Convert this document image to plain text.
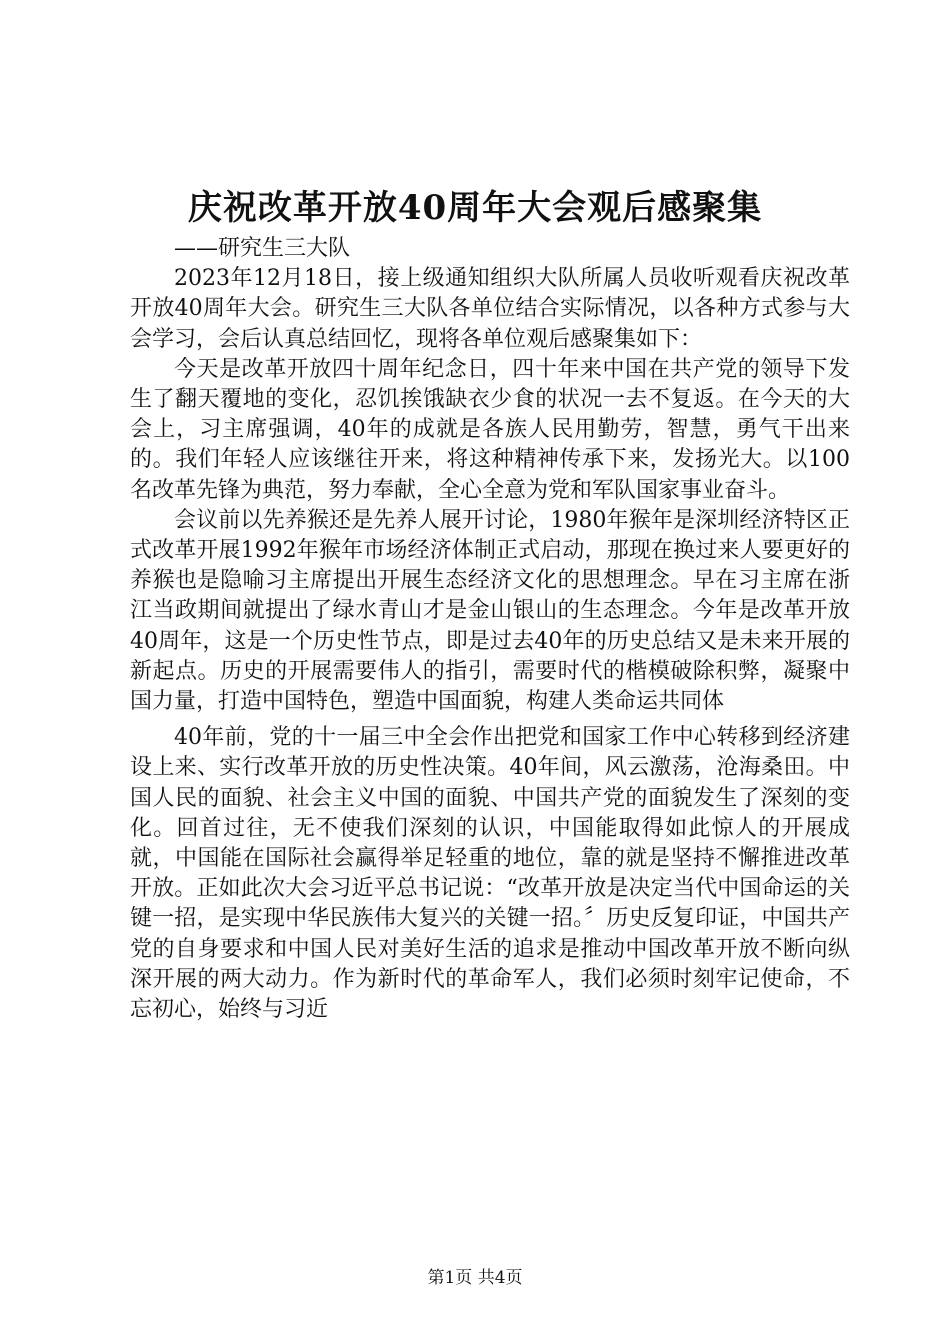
庆祝改革开放40周年大会观后感聚集

——研究生三大队

2023年12月18日，接上级通知组织大队所属人员收听观看庆祝改革开放40周年大会。研究生三大队各单位结合实际情况，以各种方式参与大会学习，会后认真总结回忆，现将各单位观后感聚集如下：

今天是改革开放四十周年纪念日，四十年来中国在共产党的领导下发生了翻天覆地的变化，忍饥挨饿缺衣少食的状况一去不复返。在今天的大会上，习主席强调，40年的成就是各族人民用勤劳，智慧，勇气干出来的。我们年轻人应该继往开来，将这种精神传承下来，发扬光大。以100名改革先锋为典范，努力奉献，全心全意为党和军队国家事业奋斗。

会议前以先养猴还是先养人展开讨论，1980年猴年是深圳经济特区正式改革开展1992年猴年市场经济体制正式启动，那现在换过来人要更好的养猴也是隐喻习主席提出开展生态经济文化的思想理念。早在习主席在浙江当政期间就提出了绿水青山才是金山银山的生态理念。今年是改革开放40周年，这是一个历史性节点，即是过去40年的历史总结又是未来开展的新起点。历史的开展需要伟人的指引，需要时代的楷模破除积弊，凝聚中国力量，打造中国特色，塑造中国面貌，构建人类命运共同体

40年前，党的十一届三中全会作出把党和国家工作中心转移到经济建设上来、实行改革开放的历史性决策。40年间，风云激荡，沧海桑田。中国人民的面貌、社会主义中国的面貌、中国共产党的面貌发生了深刻的变化。回首过往，无不使我们深刻的认识，中国能取得如此惊人的开展成就，中国能在国际社会赢得举足轻重的地位，靠的就是坚持不懈推进改革开放。正如此次大会习近平总书记说：“改革开放是决定当代中国命运的关键一招，是实现中华民族伟大复兴的关键一招。〞历史反复印证，中国共产党的自身要求和中国人民对美好生活的追求是推动中国改革开放不断向纵深开展的两大动力。作为新时代的革命军人，我们必须时刻牢记使命，不忘初心，始终与习近

第1页 共4页
